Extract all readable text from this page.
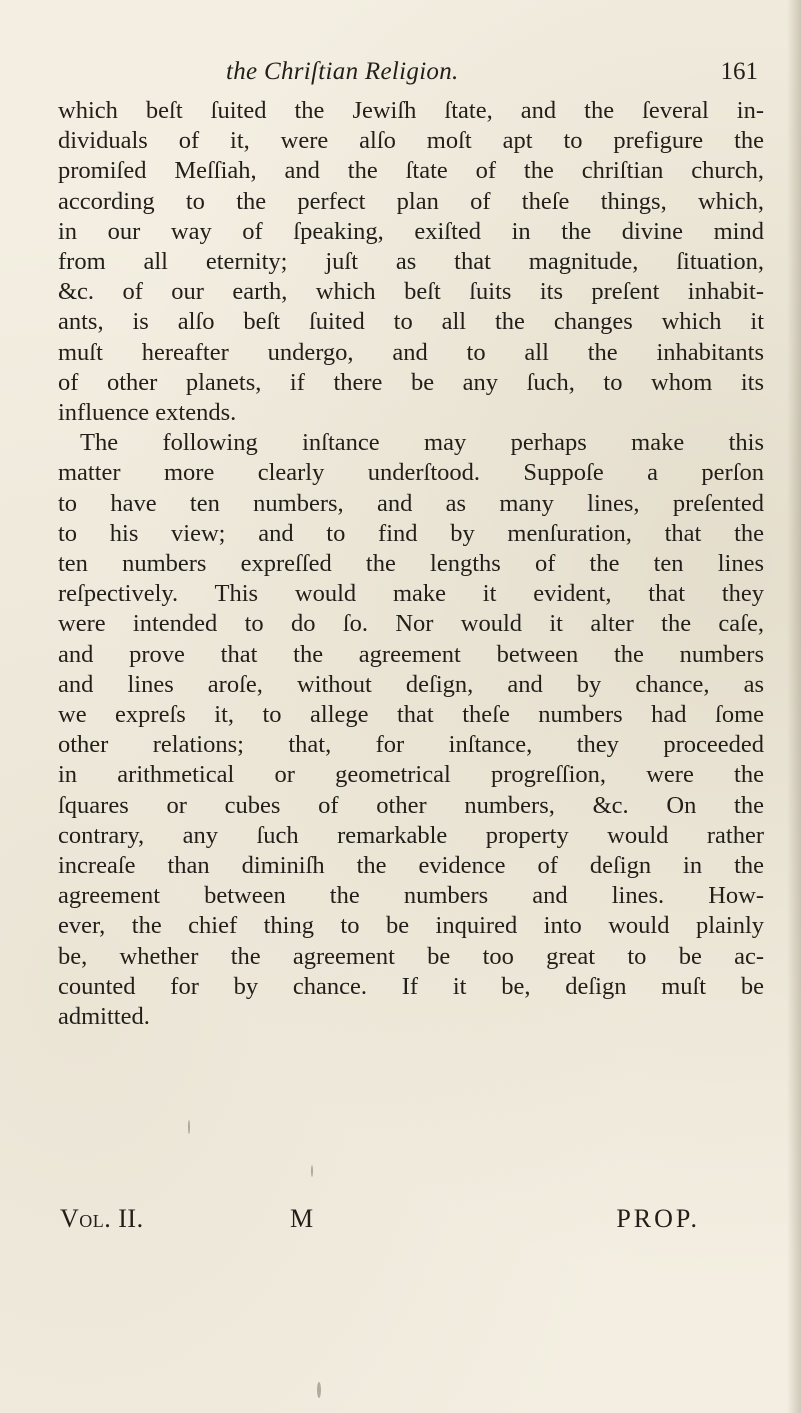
the Chriſtian Religion.	161
which beſt ſuited the Jewiſh ſtate, and the ſeveral in-
dividuals of it, were alſo moſt apt to prefigure the
promiſed Meſſiah, and the ſtate of the chriſtian church,
according to the perfect plan of theſe things, which,
in our way of ſpeaking, exiſted in the divine mind
from all eternity; juſt as that magnitude, ſituation,
&c. of our earth, which beſt ſuits its preſent inhabit-
ants, is alſo beſt ſuited to all the changes which it
muſt hereafter undergo, and to all the inhabitants
of other planets, if there be any ſuch, to whom its
influence extends.
The following inſtance may perhaps make this
matter more clearly underſtood. Suppoſe a perſon
to have ten numbers, and as many lines, preſented
to his view; and to find by menſuration, that the
ten numbers expreſſed the lengths of the ten lines
reſpectively. This would make it evident, that they
were intended to do ſo. Nor would it alter the caſe,
and prove that the agreement between the numbers
and lines aroſe, without deſign, and by chance, as
we expreſs it, to allege that theſe numbers had ſome
other relations; that, for inſtance, they proceeded
in arithmetical or geometrical progreſſion, were the
ſquares or cubes of other numbers, &c. On the
contrary, any ſuch remarkable property would rather
increaſe than diminiſh the evidence of deſign in the
agreement between the numbers and lines. How-
ever, the chief thing to be inquired into would plainly
be, whether the agreement be too great to be ac-
counted for by chance. If it be, deſign muſt be
admitted.
Vol. II.	M	PROP.
